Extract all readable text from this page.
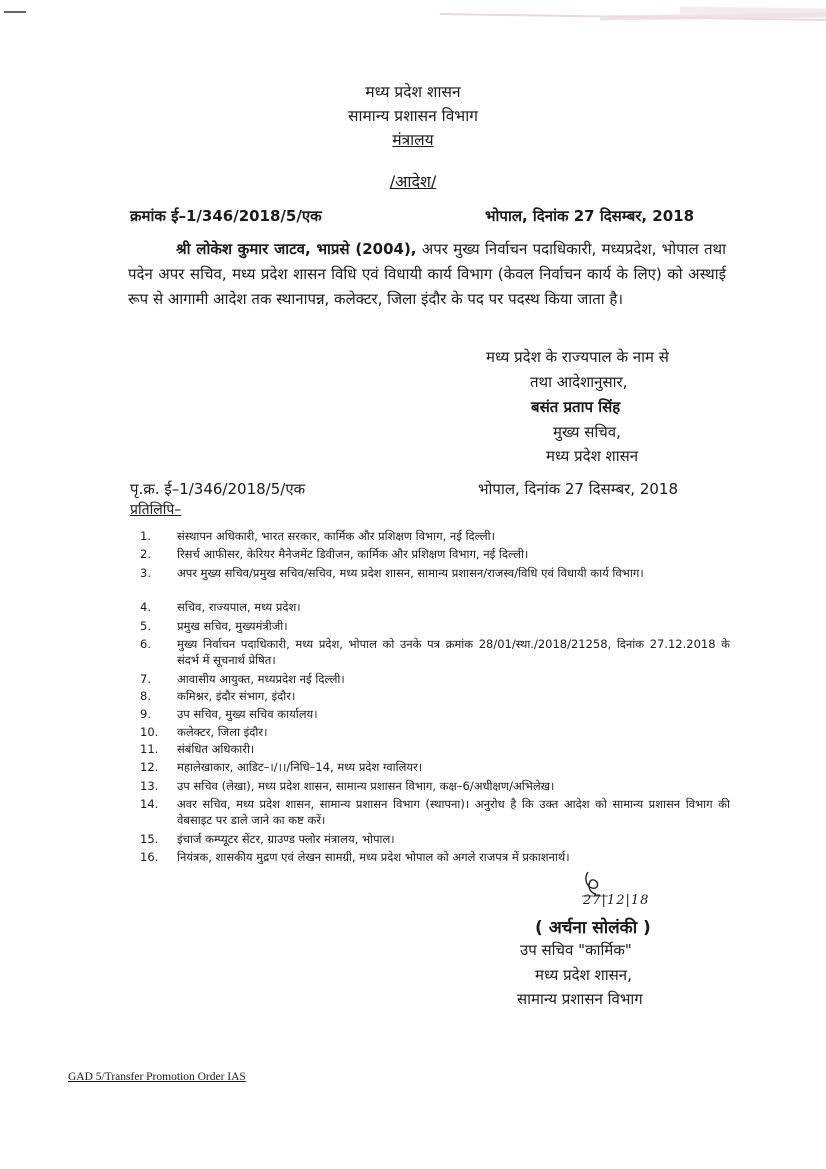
मध्य प्रदेश शासन
सामान्य प्रशासन विभाग
मंत्रालय
/आदेश/
क्रमांक ई–1/346/2018/5/एक	भोपाल, दिनांक 27 दिसम्बर, 2018
श्री लोकेश कुमार जाटव, भाप्रसे (2004), अपर मुख्य निर्वाचन पदाधिकारी, मध्यप्रदेश, भोपाल तथा पदेन अपर सचिव, मध्य प्रदेश शासन विधि एवं विधायी कार्य विभाग (केवल निर्वाचन कार्य के लिए) को अस्थाई रूप से आगामी आदेश तक स्थानापन्न, कलेक्टर, जिला इंदौर के पद पर पदस्थ किया जाता है।
मध्य प्रदेश के राज्यपाल के नाम से
तथा आदेशानुसार,
बसंत प्रताप सिंह
मुख्य सचिव,
मध्य प्रदेश शासन
पृ.क्र. ई–1/346/2018/5/एक	भोपाल, दिनांक 27 दिसम्बर, 2018
प्रतिलिपि–
1.	संस्थापन अधिकारी, भारत सरकार, कार्मिक और प्रशिक्षण विभाग, नई दिल्ली।
2.	रिसर्च आफीसर, केरियर मैनेजमेंट डिवीजन, कार्मिक और प्रशिक्षण विभाग, नई दिल्ली।
3.	अपर मुख्य सचिव/प्रमुख सचिव/सचिव, मध्य प्रदेश शासन, सामान्य प्रशासन/राजस्व/विधि एवं विधायी कार्य विभाग।
4.	सचिव, राज्यपाल, मध्य प्रदेश।
5.	प्रमुख सचिव, मुख्यमंत्रीजी।
6.	मुख्य निर्वाचन पदाधिकारी, मध्य प्रदेश, भोपाल को उनके पत्र क्रमांक 28/01/स्था./2018/21258, दिनांक 27.12.2018 के संदर्भ में सूचनार्थ प्रेषित।
7.	आवासीय आयुक्त, मध्यप्रदेश नई दिल्ली।
8.	कमिश्नर, इंदौर संभाग, इंदौर।
9.	उप सचिव, मुख्य सचिव कार्यालय।
10.	कलेक्टर, जिला इंदौर।
11.	संबंधित अधिकारी।
12.	महालेखाकार, आडिट–।/।।/निधि–14, मध्य प्रदेश ग्वालियर।
13.	उप सचिव (लेखा), मध्य प्रदेश शासन, सामान्य प्रशासन विभाग, कक्ष–6/अधीक्षण/अभिलेख।
14.	अवर सचिव, मध्य प्रदेश शासन, सामान्य प्रशासन विभाग (स्थापना)। अनुरोध है कि उक्त आदेश को सामान्य प्रशासन विभाग की वेबसाइट पर डाले जाने का कष्ट करें।
15.	इंचार्ज कम्प्यूटर सेंटर, ग्राउण्ड फ्लोर मंत्रालय, भोपाल।
16.	नियंत्रक, शासकीय मुद्रण एवं लेखन सामग्री, मध्य प्रदेश भोपाल को अगले राजपत्र में प्रकाशनार्थ।
27|12|18
( अर्चना सोलंकी )
उप सचिव "कार्मिक"
मध्य प्रदेश शासन,
सामान्य प्रशासन विभाग
GAD 5/Transfer Promotion Order IAS
